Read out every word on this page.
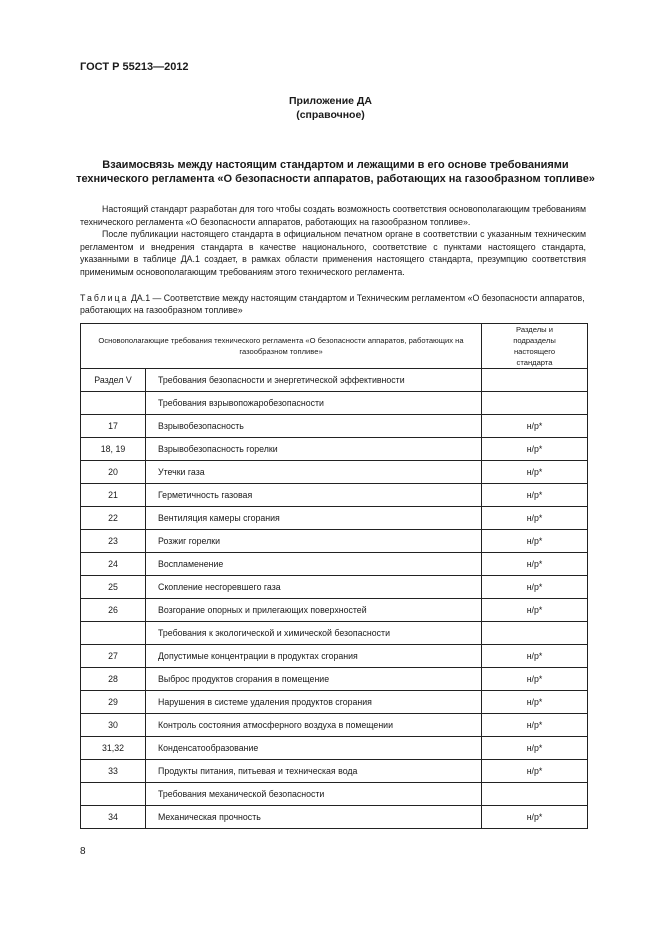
ГОСТ Р 55213—2012
Приложение ДА
(справочное)
Взаимосвязь между настоящим стандартом и лежащими в его основе требованиями технического регламента «О безопасности аппаратов, работающих на газообразном топливе»

Настоящий стандарт разработан для того чтобы создать возможность соответствия основополагающим требованиям технического регламента «О безопасности аппаратов, работающих на газообразном топливе».

После публикации настоящего стандарта в официальном печатном органе в соответствии с указанным техническим регламентом и внедрения стандарта в качестве национального, соответствие с пунктами настоящего стандарта, указанными в таблице ДА.1 создает, в рамках области применения настоящего стандарта, презумпцию соответствия применимым основополагающим требованиям этого технического регламента.

Таблица ДА.1 — Соответствие между настоящим стандартом и Техническим регламентом «О безопасности аппаратов, работающих на газообразном топливе»
Основополагающие требования технического регламента «О безопасности аппаратов, работающих на газообразном топливе»		Разделы и подразделы настоящего стандарта
Раздел V	Требования безопасности и энергетической эффективности	
	Требования взрывопожаробезопасности	
17	Взрывобезопасность	н/р*
18, 19	Взрывобезопасность горелки	н/р*
20	Утечки газа	н/р*
21	Герметичность газовая	н/р*
22	Вентиляция камеры сгорания	н/р*
23	Розжиг горелки	н/р*
24	Воспламенение	н/р*
25	Скопление несгоревшего газа	н/р*
26	Возгорание опорных и прилегающих поверхностей	н/р*
	Требования к экологической и химической безопасности	
27	Допустимые концентрации в продуктах сгорания	н/р*
28	Выброс продуктов сгорания в помещение	н/р*
29	Нарушения в системе удаления продуктов сгорания	н/р*
30	Контроль состояния атмосферного воздуха в помещении	н/р*
31,32	Конденсатообразование	н/р*
33	Продукты питания, питьевая и техническая вода	н/р*
	Требования механической безопасности	
34	Механическая прочность	н/р*
8
